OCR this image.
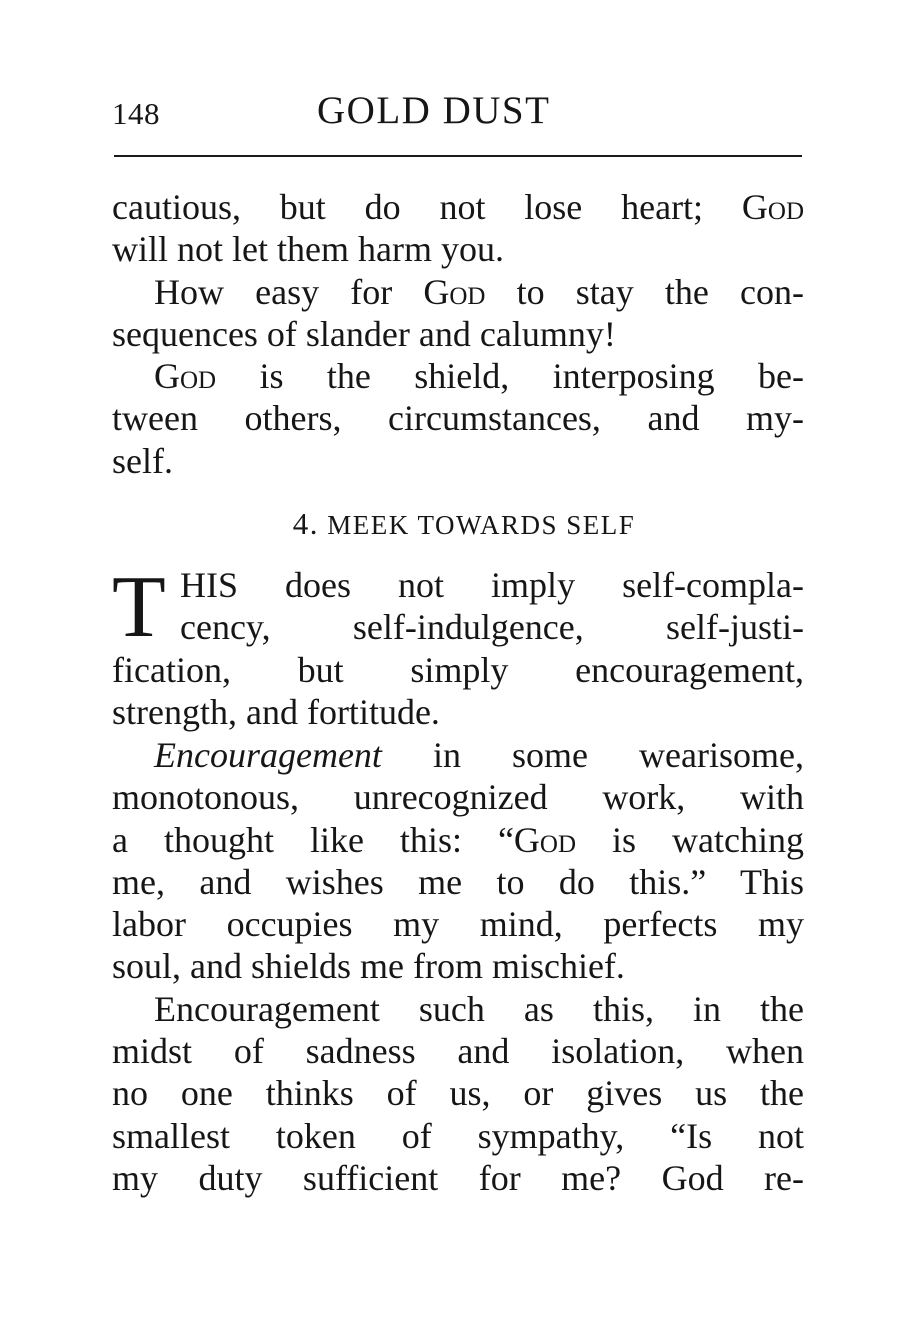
148	GOLD DUST
cautious, but do not lose heart; God
will not let them harm you.
How easy for God to stay the con-
sequences of slander and calumny!
God is the shield, interposing be-
tween others, circumstances, and my-
self.
4. MEEK TOWARDS SELF
T HIS does not imply self-compla-
cency, self-indulgence, self-justi-
fication, but simply encouragement,
strength, and fortitude.
Encouragement in some wearisome,
monotonous, unrecognized work, with
a thought like this: “God is watching
me, and wishes me to do this.” This
labor occupies my mind, perfects my
soul, and shields me from mischief.
Encouragement such as this, in the
midst of sadness and isolation, when
no one thinks of us, or gives us the
smallest token of sympathy, “Is not
my duty sufficient for me? God re-
